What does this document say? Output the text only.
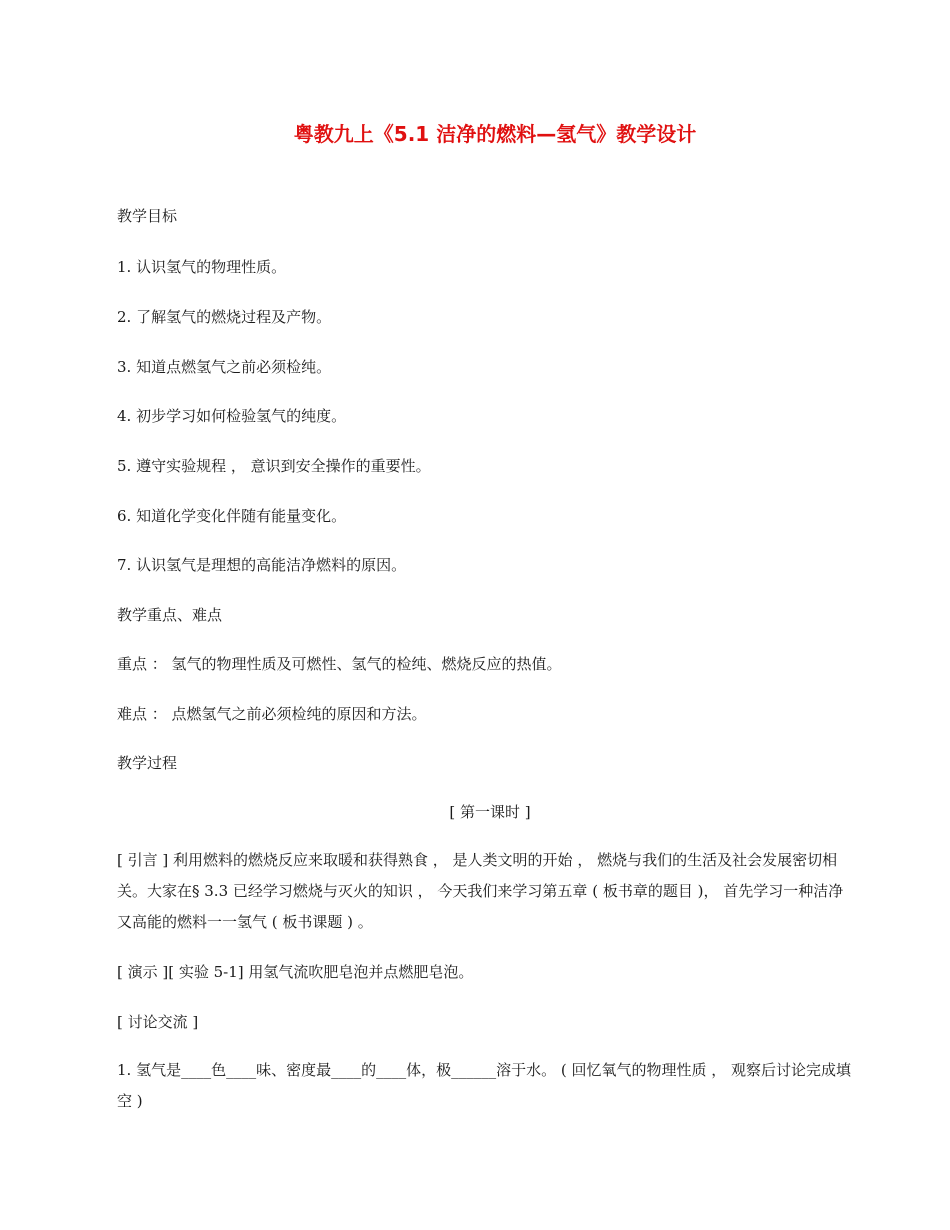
粤教九上《5.1 洁净的燃料—氢气》教学设计
教学目标
1. 认识氢气的物理性质。
2. 了解氢气的燃烧过程及产物。
3. 知道点燃氢气之前必须检纯。
4. 初步学习如何检验氢气的纯度。
5. 遵守实验规程 ， 意识到安全操作的重要性。
6. 知道化学变化伴随有能量变化。
7. 认识氢气是理想的高能洁净燃料的原因。
教学重点、难点
重点 ： 氢气的物理性质及可燃性、氢气的检纯、燃烧反应的热值。
难点 ： 点燃氢气之前必须检纯的原因和方法。
教学过程
[ 第一课时 ]
[ 引言 ] 利用燃料的燃烧反应来取暖和获得熟食 ， 是人类文明的开始 ， 燃烧与我们的生活及社会发展密切相关。大家在§ 3.3 已经学习燃烧与灭火的知识 ， 今天我们来学习第五章 ( 板书章的题目 )， 首先学习一种洁净又高能的燃料一一氢气 ( 板书课题 ) 。
[ 演示 ][ 实验 5-1] 用氢气流吹肥皂泡并点燃肥皂泡。
[ 讨论交流 ]
1. 氢气是____色____味、密度最____的____体，极______溶于水。 ( 回忆氧气的物理性质 ， 观察后讨论完成填空 )
